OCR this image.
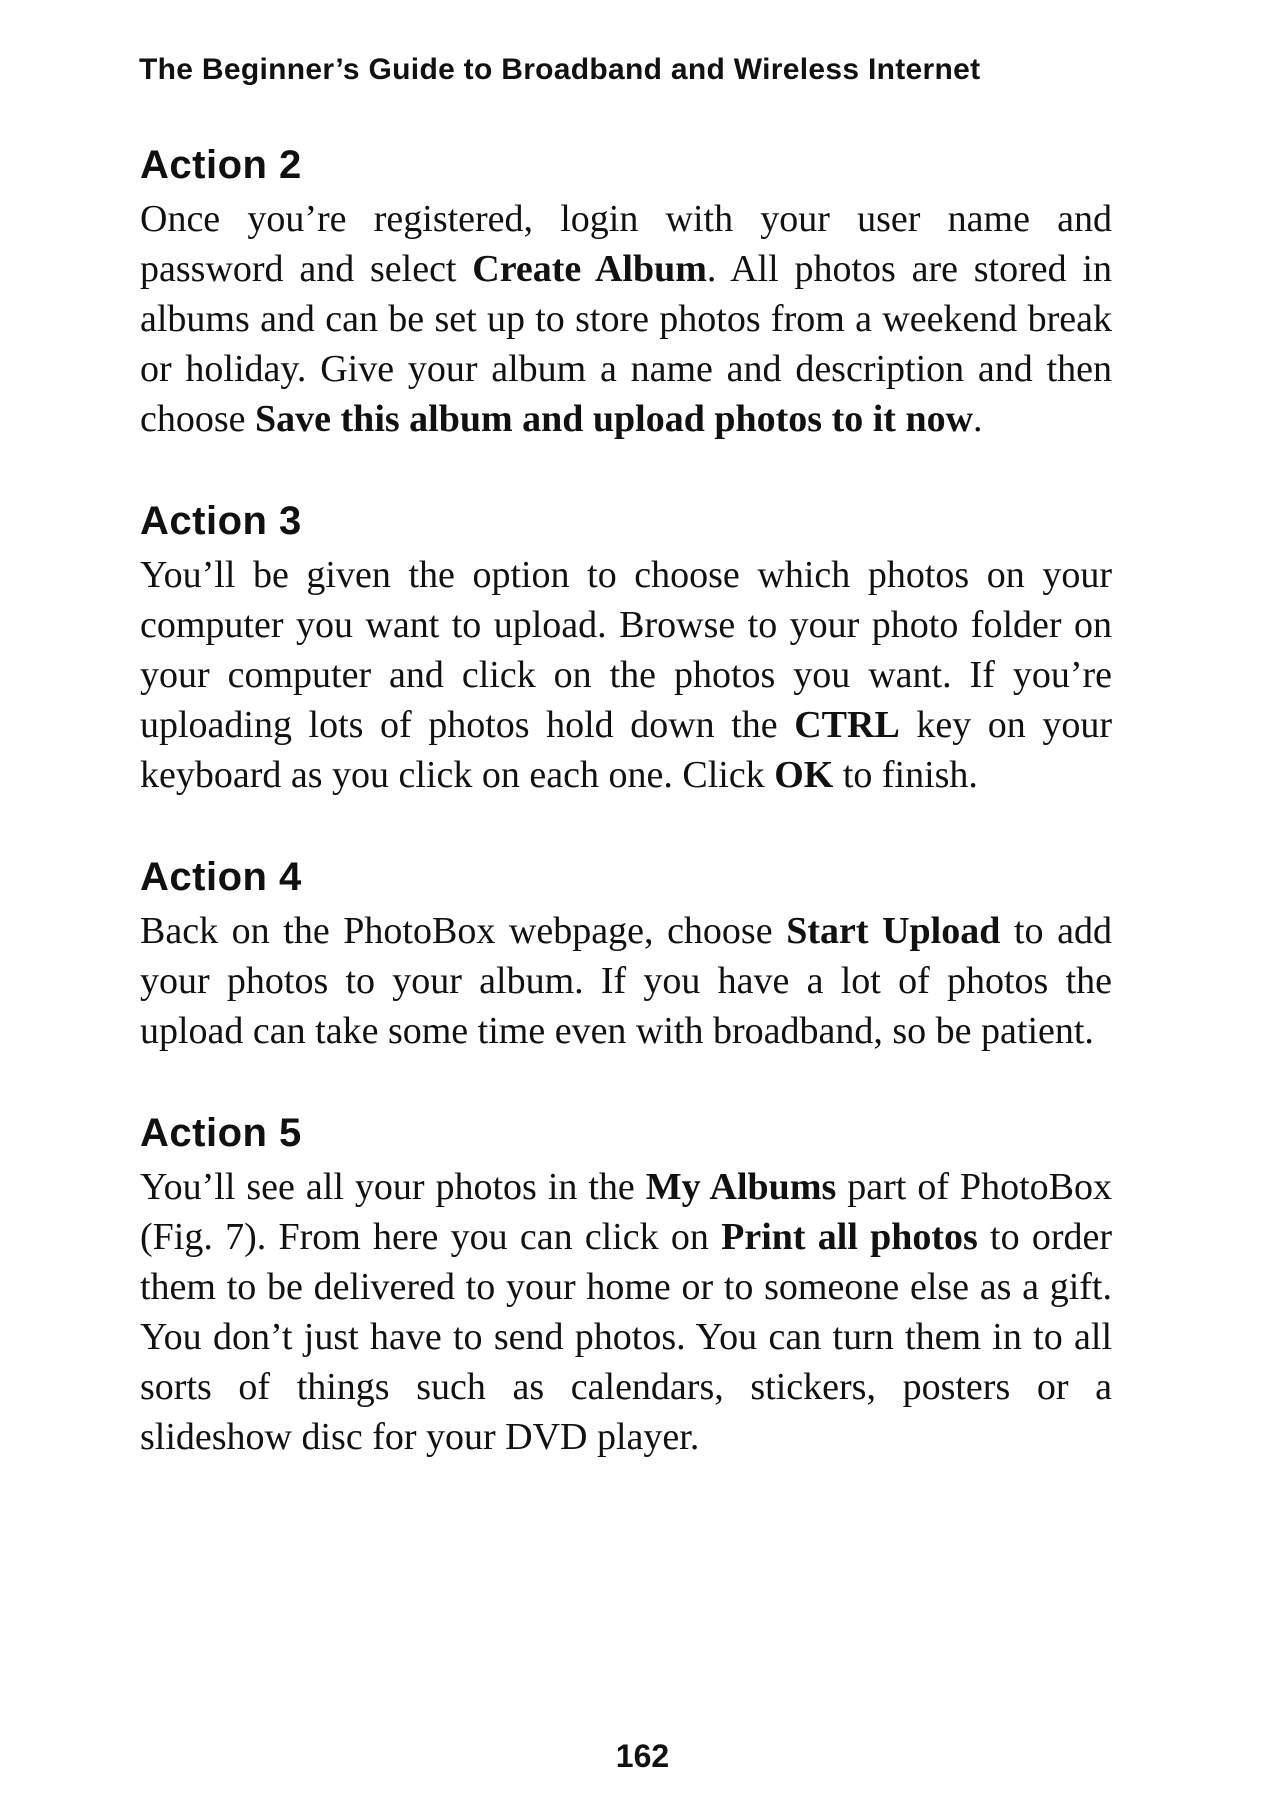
The Beginner’s Guide to Broadband and Wireless Internet
Action 2

Once you’re registered, login with your user name and password and select Create Album. All photos are stored in albums and can be set up to store photos from a weekend break or holiday. Give your album a name and description and then choose Save this album and upload photos to it now.

Action 3

You’ll be given the option to choose which photos on your computer you want to upload. Browse to your photo folder on your computer and click on the photos you want. If you’re uploading lots of photos hold down the CTRL key on your keyboard as you click on each one. Click OK to finish.

Action 4

Back on the PhotoBox webpage, choose Start Upload to add your photos to your album. If you have a lot of photos the upload can take some time even with broadband, so be patient.

Action 5

You’ll see all your photos in the My Albums part of PhotoBox (Fig. 7). From here you can click on Print all photos to order them to be delivered to your home or to someone else as a gift. You don’t just have to send photos. You can turn them in to all sorts of things such as calendars, stickers, posters or a slideshow disc for your DVD player.

162
